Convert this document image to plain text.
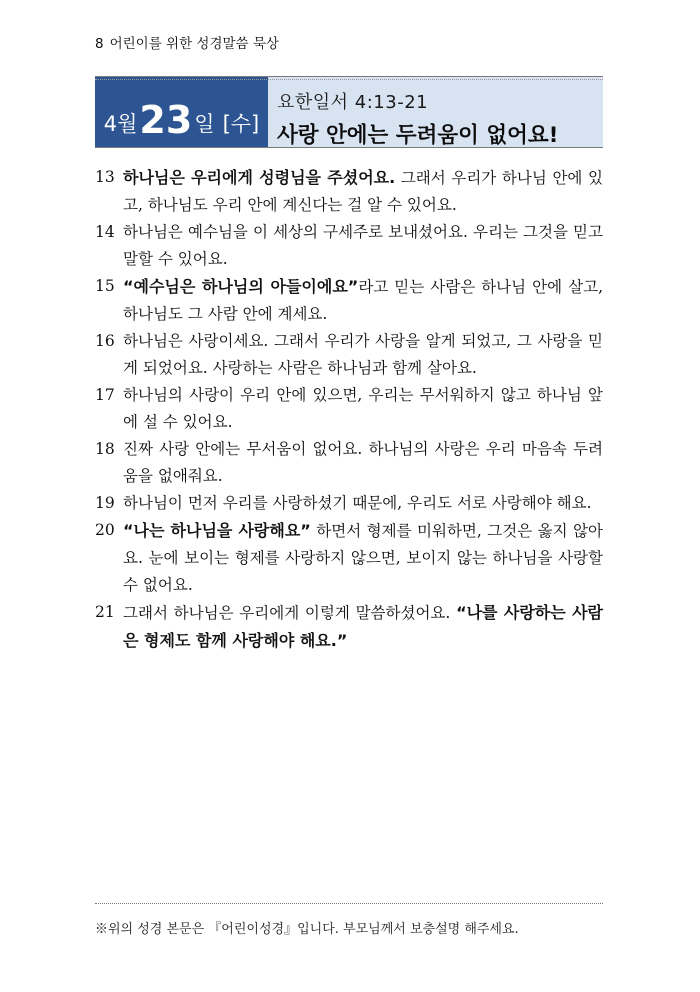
8 어린이를 위한 성경말씀 묵상
4월 23 일 [수]
요한일서 4:13-21
사랑 안에는 두려움이 없어요!
13 하나님은 우리에게 성령님을 주셨어요. 그래서 우리가 하나님 안에 있고, 하나님도 우리 안에 계신다는 걸 알 수 있어요.
14 하나님은 예수님을 이 세상의 구세주로 보내셨어요. 우리는 그것을 믿고 말할 수 있어요.
15 “예수님은 하나님의 아들이에요”라고 믿는 사람은 하나님 안에 살고, 하나님도 그 사람 안에 계세요.
16 하나님은 사랑이세요. 그래서 우리가 사랑을 알게 되었고, 그 사랑을 믿게 되었어요. 사랑하는 사람은 하나님과 함께 살아요.
17 하나님의 사랑이 우리 안에 있으면, 우리는 무서워하지 않고 하나님 앞에 설 수 있어요.
18 진짜 사랑 안에는 무서움이 없어요. 하나님의 사랑은 우리 마음속 두려움을 없애줘요.
19 하나님이 먼저 우리를 사랑하셨기 때문에, 우리도 서로 사랑해야 해요.
20 “나는 하나님을 사랑해요” 하면서 형제를 미워하면, 그것은 옳지 않아요. 눈에 보이는 형제를 사랑하지 않으면, 보이지 않는 하나님을 사랑할 수 없어요.
21 그래서 하나님은 우리에게 이렇게 말씀하셨어요. “나를 사랑하는 사람은 형제도 함께 사랑해야 해요.”
※위의 성경 본문은 『어린이성경』입니다. 부모님께서 보충설명 해주세요.
